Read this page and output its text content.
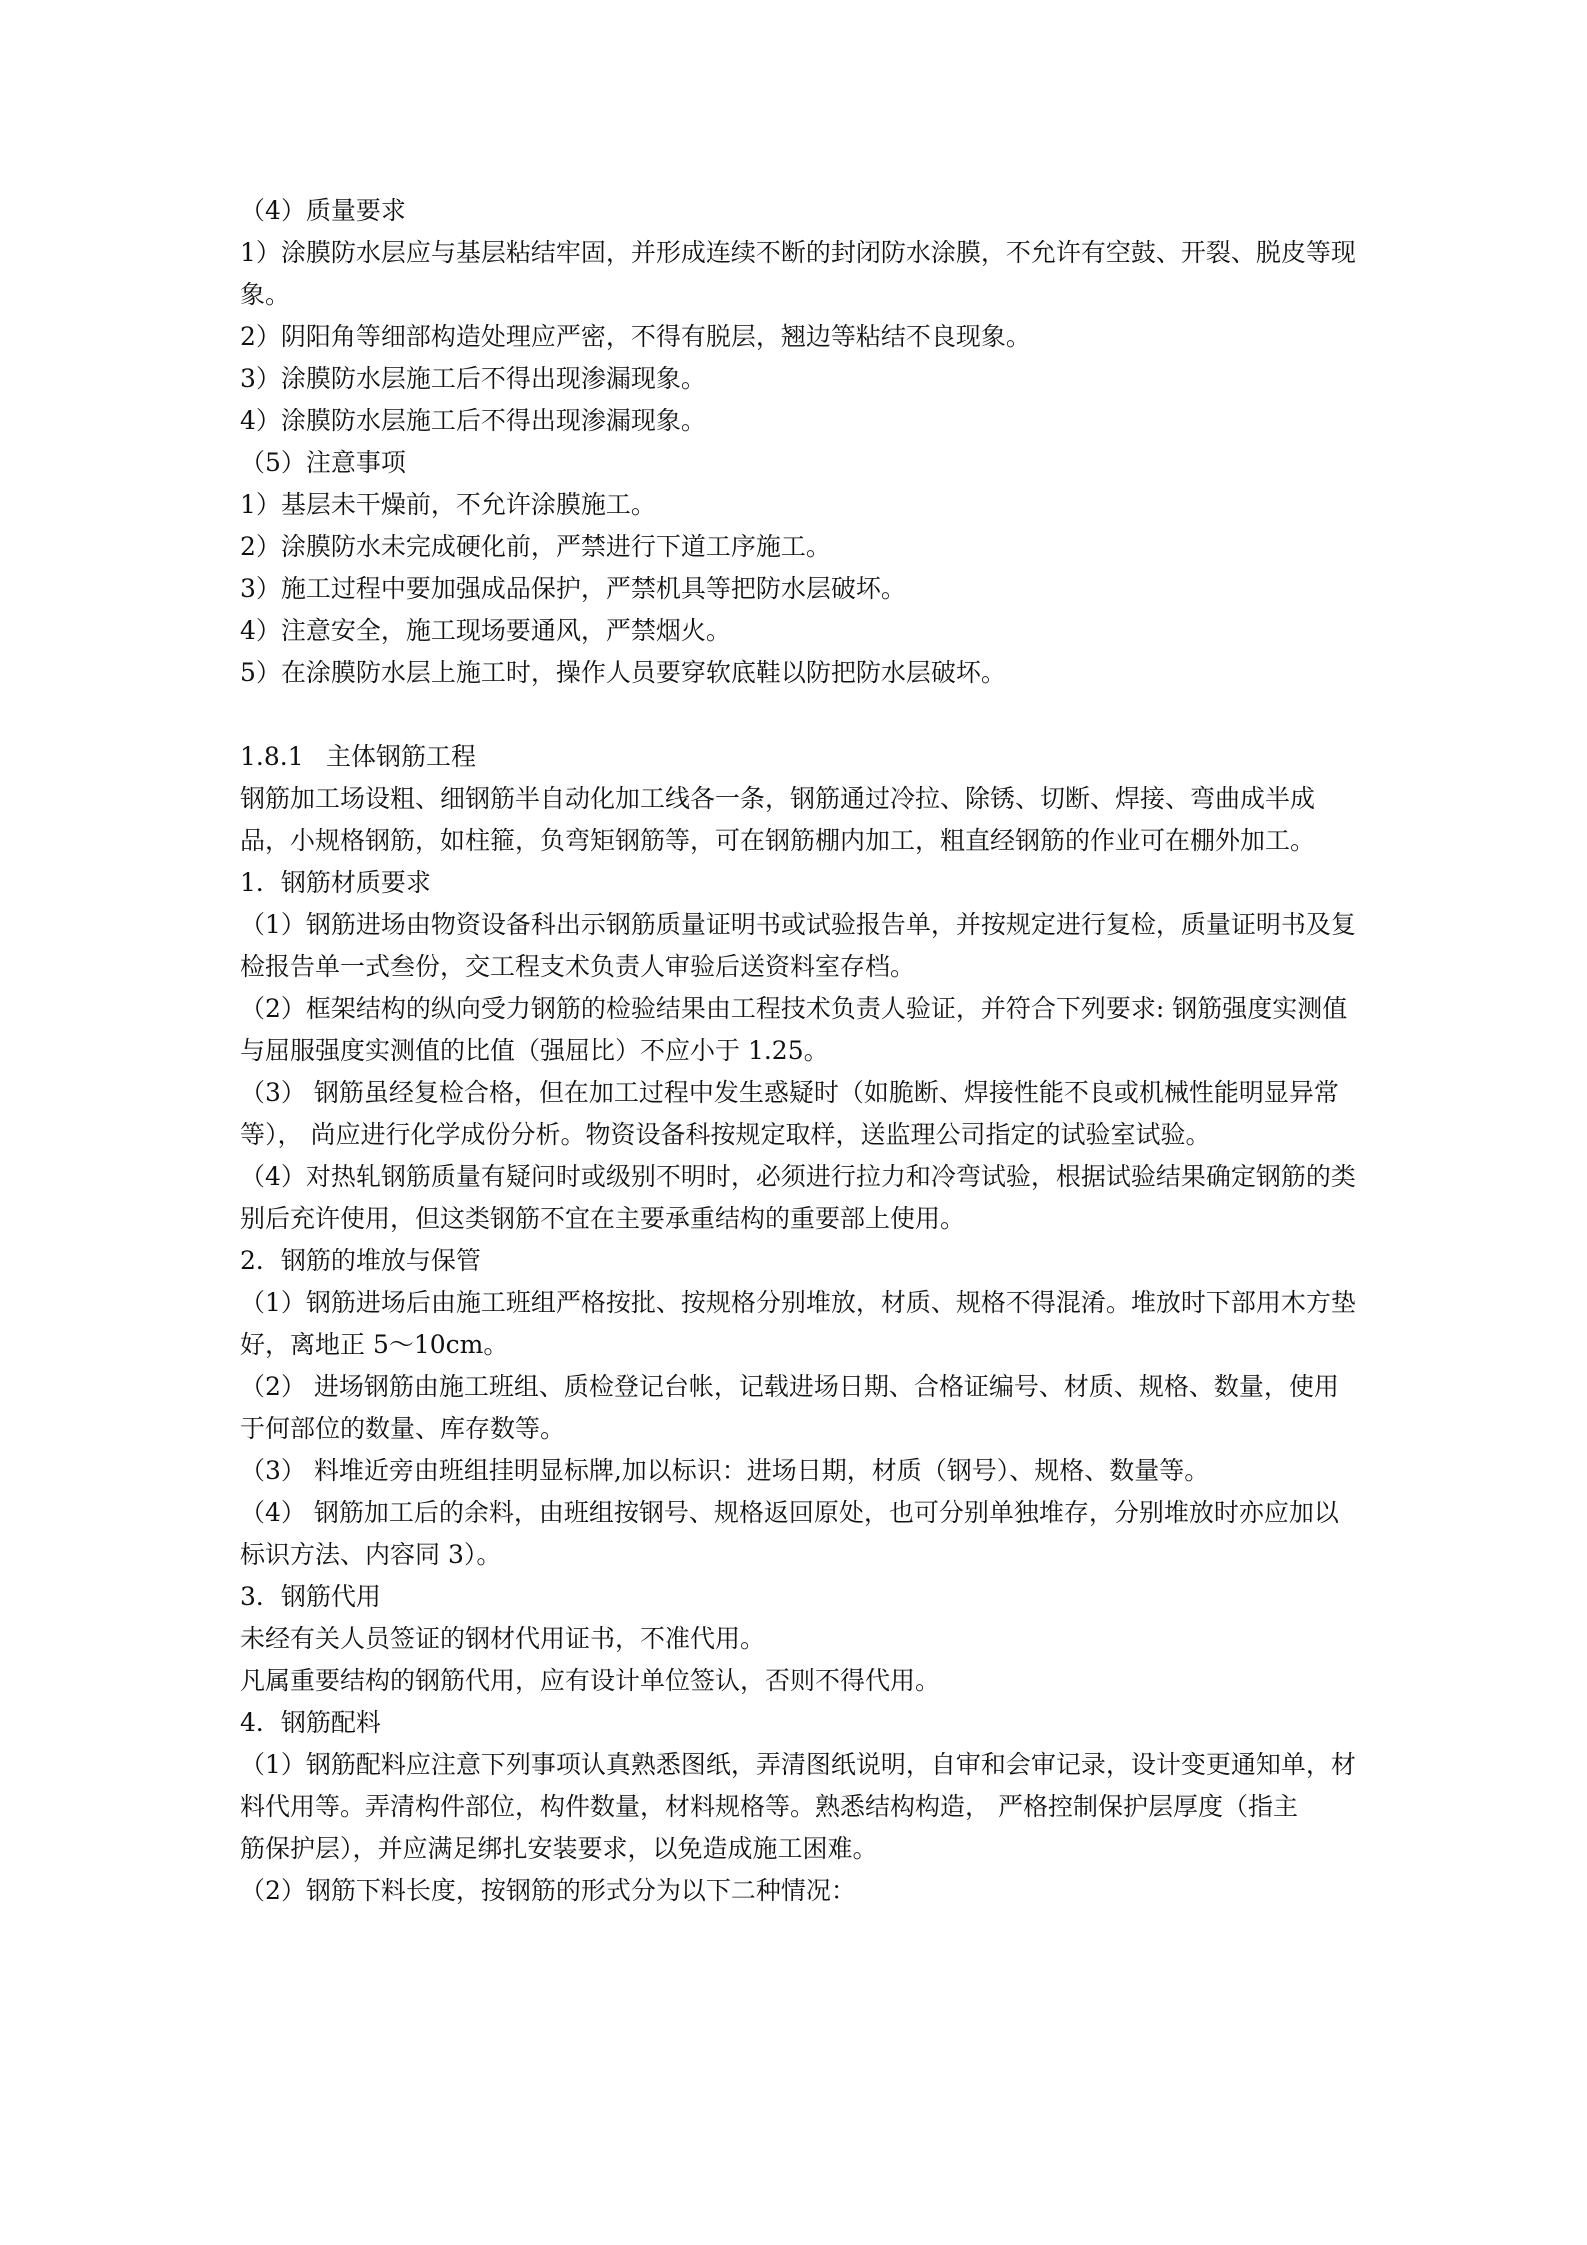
（4）质量要求

1）涂膜防水层应与基层粘结牢固，并形成连续不断的封闭防水涂膜，不允许有空鼓、开裂、脱皮等现象。

2）阴阳角等细部构造处理应严密，不得有脱层，翘边等粘结不良现象。

3）涂膜防水层施工后不得出现渗漏现象。

4）涂膜防水层施工后不得出现渗漏现象。

（5）注意事项

1）基层未干燥前，不允许涂膜施工。

2）涂膜防水未完成硬化前，严禁进行下道工序施工。

3）施工过程中要加强成品保护，严禁机具等把防水层破坏。

4）注意安全，施工现场要通风，严禁烟火。

5）在涂膜防水层上施工时，操作人员要穿软底鞋以防把防水层破坏。

1.8.1 主体钢筋工程

钢筋加工场设粗、细钢筋半自动化加工线各一条，钢筋通过冷拉、除锈、切断、焊接、弯曲成半成品，小规格钢筋，如柱箍，负弯矩钢筋等，可在钢筋棚内加工，粗直经钢筋的作业可在棚外加工。

1．钢筋材质要求

（1）钢筋进场由物资设备科出示钢筋质量证明书或试验报告单，并按规定进行复检，质量证明书及复检报告单一式叁份，交工程支术负责人审验后送资料室存档。

（2）框架结构的纵向受力钢筋的检验结果由工程技术负责人验证，并符合下列要求: 钢筋强度实测值与屈服强度实测值的比值（强屈比）不应小于 1.25。

（3） 钢筋虽经复检合格，但在加工过程中发生惑疑时（如脆断、焊接性能不良或机械性能明显异常等）， 尚应进行化学成份分析。物资设备科按规定取样，送监理公司指定的试验室试验。

（4）对热轧钢筋质量有疑问时或级别不明时，必须进行拉力和冷弯试验，根据试验结果确定钢筋的类别后充许使用，但这类钢筋不宜在主要承重结构的重要部上使用。

2．钢筋的堆放与保管

（1）钢筋进场后由施工班组严格按批、按规格分别堆放，材质、规格不得混淆。堆放时下部用木方垫好，离地正 5～10cm。

（2） 进场钢筋由施工班组、质检登记台帐，记载进场日期、合格证编号、材质、规格、数量，使用于何部位的数量、库存数等。

（3） 料堆近旁由班组挂明显标牌,加以标识：进场日期，材质（钢号）、规格、数量等。

（4） 钢筋加工后的余料，由班组按钢号、规格返回原处，也可分别单独堆存，分别堆放时亦应加以标识方法、内容同 3）。

3．钢筋代用

未经有关人员签证的钢材代用证书，不准代用。

凡属重要结构的钢筋代用，应有设计单位签认，否则不得代用。

4．钢筋配料

（1）钢筋配料应注意下列事项认真熟悉图纸，弄清图纸说明，自审和会审记录，设计变更通知单，材料代用等。弄清构件部位，构件数量，材料规格等。熟悉结构构造， 严格控制保护层厚度（指主

筋保护层），并应满足绑扎安装要求，以免造成施工困难。

（2）钢筋下料长度，按钢筋的形式分为以下二种情况：
